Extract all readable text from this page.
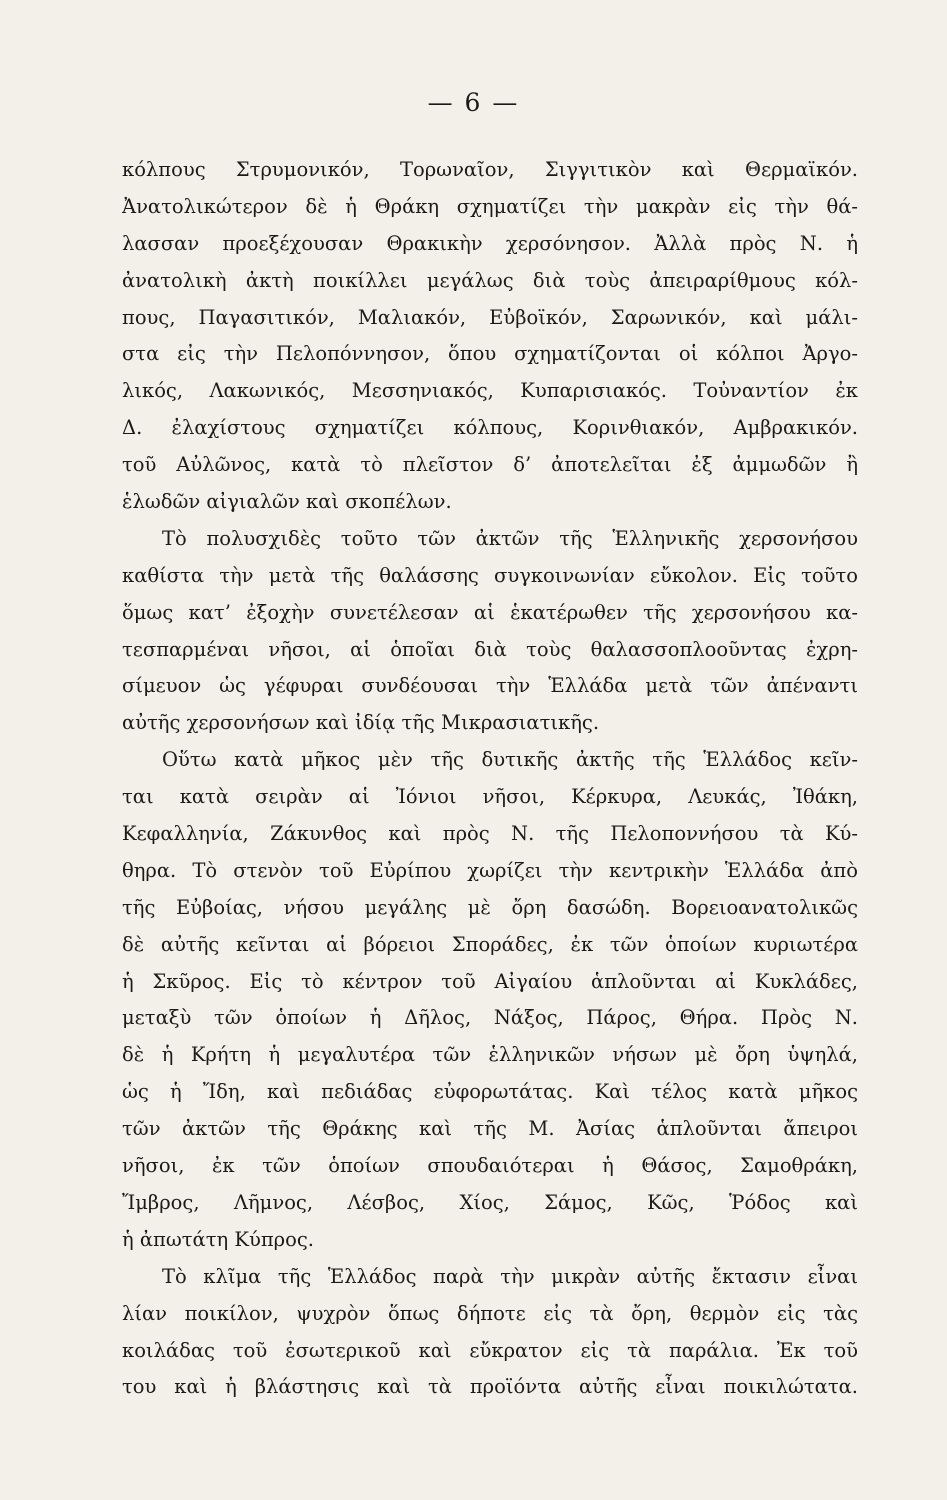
— 6 —
κόλπους Στρυμονικόν, Τορωναῖον, Σιγγιτικὸν καὶ Θερμαϊκόν.
Ἀνατολικώτερον δὲ ἡ Θράκη σχηματίζει τὴν μακρὰν εἰς τὴν θά-
λασσαν προεξέχουσαν Θρακικὴν χερσόνησον. Ἀλλὰ πρὸς Ν. ἡ
ἀνατολικὴ ἀκτὴ ποικίλλει μεγάλως διὰ τοὺς ἀπειραρίθμους κόλ-
πους, Παγασιτικόν, Μαλιακόν, Εὐβοϊκόν, Σαρωνικόν, καὶ μάλι-
στα εἰς τὴν Πελοπόννησον, ὅπου σχηματίζονται οἱ κόλποι Ἀργο-
λικός, Λακωνικός, Μεσσηνιακός, Κυπαρισιακός. Τοὐναντίον ἐκ
Δ. ἐλαχίστους σχηματίζει κόλπους, Κορινθιακόν, Αμβρακικόν.
τοῦ Αὐλῶνος, κατὰ τὸ πλεῖστον δ’ ἀποτελεῖται ἐξ ἀμμωδῶν ἢ
ἑλωδῶν αἰγιαλῶν καὶ σκοπέλων.
Τὸ πολυσχιδὲς τοῦτο τῶν ἀκτῶν τῆς Ἑλληνικῆς χερσονήσου
καθίστα τὴν μετὰ τῆς θαλάσσης συγκοινωνίαν εὔκολον. Εἰς τοῦτο
ὅμως κατ’ ἐξοχὴν συνετέλεσαν αἱ ἑκατέρωθεν τῆς χερσονήσου κα-
τεσπαρμέναι νῆσοι, αἱ ὁποῖαι διὰ τοὺς θαλασσοπλοοῦντας ἐχρη-
σίμευον ὡς γέφυραι συνδέουσαι τὴν Ἑλλάδα μετὰ τῶν ἀπέναντι
αὐτῆς χερσονήσων καὶ ἰδίᾳ τῆς Μικρασιατικῆς.
Οὕτω κατὰ μῆκος μὲν τῆς δυτικῆς ἀκτῆς τῆς Ἑλλάδος κεῖν-
ται κατὰ σειρὰν αἱ Ἰόνιοι νῆσοι, Κέρκυρα, Λευκάς, Ἰθάκη,
Κεφαλληνία, Ζάκυνθος καὶ πρὸς Ν. τῆς Πελοποννήσου τὰ Κύ-
θηρα. Τὸ στενὸν τοῦ Εὐρίπου χωρίζει τὴν κεντρικὴν Ἑλλάδα ἀπὸ
τῆς Εὐβοίας, νήσου μεγάλης μὲ ὄρη δασώδη. Βορειοανατολικῶς
δὲ αὐτῆς κεῖνται αἱ βόρειοι Σποράδες, ἐκ τῶν ὁποίων κυριωτέρα
ἡ Σκῦρος. Εἰς τὸ κέντρον τοῦ Αἰγαίου ἁπλοῦνται αἱ Κυκλάδες,
μεταξὺ τῶν ὁποίων ἡ Δῆλος, Νάξος, Πάρος, Θήρα. Πρὸς Ν.
δὲ ἡ Κρήτη ἡ μεγαλυτέρα τῶν ἑλληνικῶν νήσων μὲ ὄρη ὑψηλά,
ὡς ἡ Ἴδη, καὶ πεδιάδας εὐφορωτάτας. Καὶ τέλος κατὰ μῆκος
τῶν ἀκτῶν τῆς Θράκης καὶ τῆς Μ. Ἀσίας ἁπλοῦνται ἄπειροι
νῆσοι, ἐκ τῶν ὁποίων σπουδαιότεραι ἡ Θάσος, Σαμοθράκη,
Ἴμβρος, Λῆμνος, Λέσβος, Χίος, Σάμος, Κῶς, Ῥόδος καὶ
ἡ ἀπωτάτη Κύπρος.
Τὸ κλῖμα τῆς Ἑλλάδος παρὰ τὴν μικρὰν αὐτῆς ἔκτασιν εἶναι
λίαν ποικίλον, ψυχρὸν ὅπως δήποτε εἰς τὰ ὄρη, θερμὸν εἰς τὰς
κοιλάδας τοῦ ἐσωτερικοῦ καὶ εὔκρατον εἰς τὰ παράλια. Ἐκ τοῦ
του καὶ ἡ βλάστησις καὶ τὰ προϊόντα αὐτῆς εἶναι ποικιλώτατα.
